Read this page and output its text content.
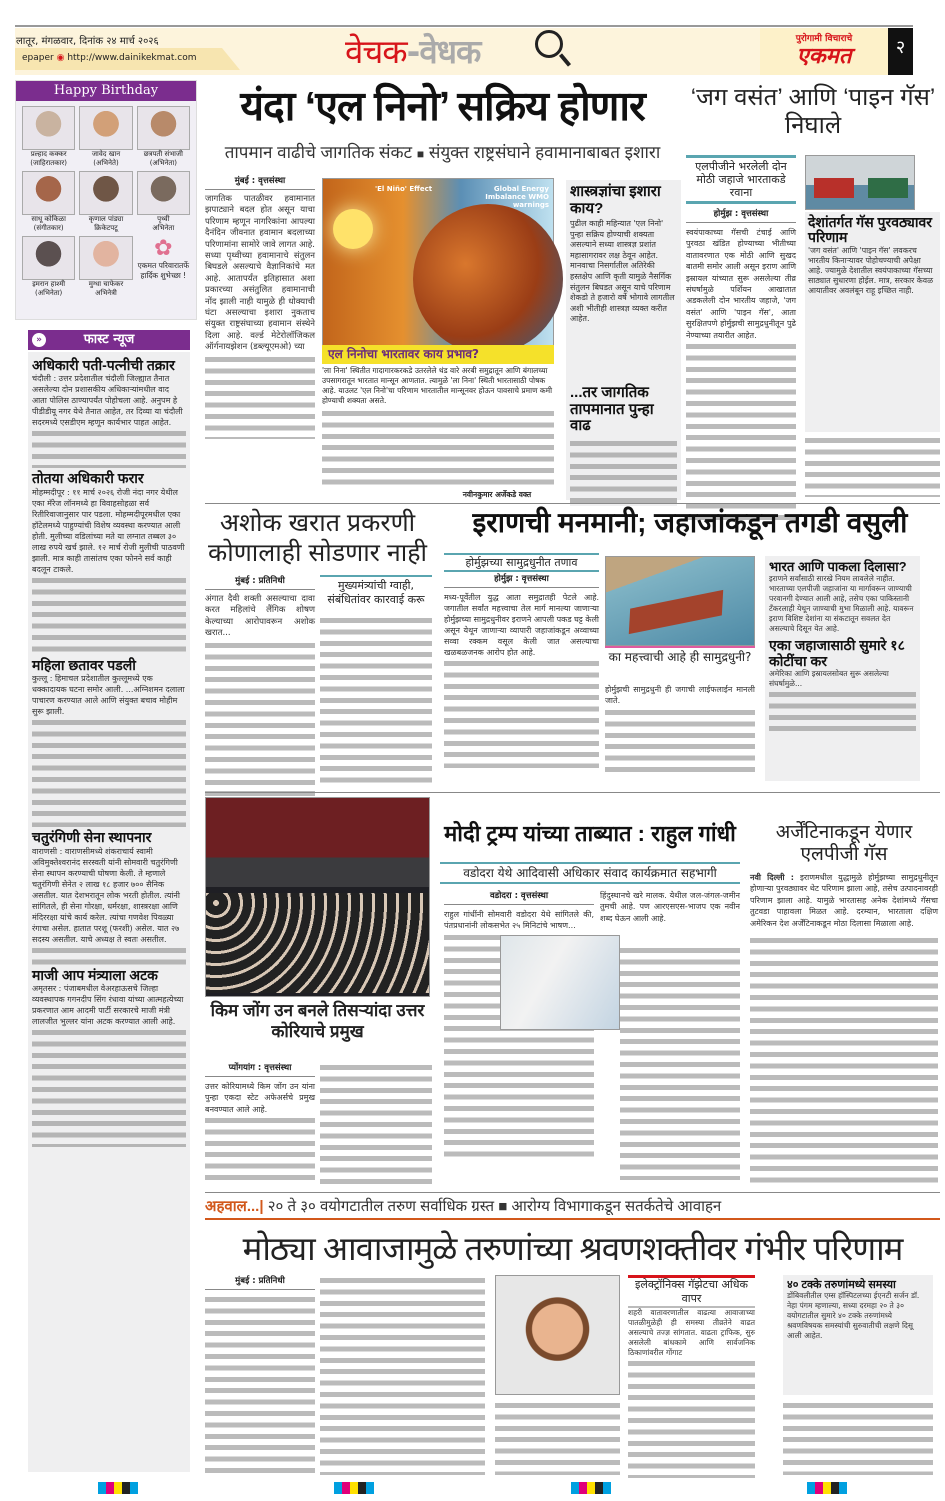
लातूर, मंगळवार, दिनांक २४ मार्च २०२६
epaper ◉ http://www.dainikekmat.com	वेचक-वेधक	पुरोगामी विचाराचे
एकमत	२
Happy Birthday
प्रल्हाद कक्कर
(जाहिरातकार)
जावेद खान
(अभिनेते)
छत्रपती संभाजी
(अभिनेता)
साधू कोकिळा
(संगीतकार)
कृणाल पांड्या
क्रिकेटपटू
पृथ्वी
अभिनेता
इमरान हाश्मी
(अभिनेता)
मुग्धा चाफेकर
अभिनेत्री
✿
एकमत परिवारातर्फे हार्दिक शुभेच्छा !
»	फास्ट न्यूज
अधिकारी पती-पत्नीची तक्रार
चंदौली : उत्तर प्रदेशातील चंदौली जिल्ह्यात तैनात असलेल्या दोन प्रशासकीय अधिकाऱ्यांमधील वाद आता पोलिस ठाण्यापर्यंत पोहोचला आहे. अनुपम हे पीडीडीयू नगर येथे तैनात आहेत, तर दिव्या या चंदौली सदरमध्ये एसडीएम म्हणून कार्यभार पाहत आहेत.
तोतया अधिकारी फरार
मोहम्मदीपूर : ११ मार्च २०२६ रोजी नंदा नगर येथील एका मॅरेज लॉनमध्ये हा विवाहसोहळा सर्व रितीरिवाजानुसार पार पडला. मोहम्मदीपूरमधील एका हॉटेलमध्ये पाहुण्यांची विशेष व्यवस्था करण्यात आली होती. मुलीच्या वडिलांच्या मते या लग्नात तब्बल ३० लाख रुपये खर्च झाले. १२ मार्च रोजी मुलीची पाठवणी झाली. मात्र काही तासांतच एका फोनने सर्व काही बदलून टाकले.
महिला छतावर पडली
कुल्लू : हिमाचल प्रदेशातील कुल्लूमध्ये एक धक्कादायक घटना समोर आली. ...अग्निशमन दलाला पाचारण करण्यात आले आणि संयुक्त बचाव मोहीम सुरू झाली.
चतुरंगिणी सेना स्थापनार
वाराणसी : वाराणसीमध्ये शंकराचार्य स्वामी अविमुक्तेश्वरानंद सरस्वती यांनी सोमवारी चतुरंगिणी सेना स्थापन करण्याची घोषणा केली. ते म्हणाले चतुरंगिणी सेनेत २ लाख १८ हजार ७०० सैनिक असतील. यात देशभरातून लोक भरती होतील. त्यांनी सांगितले, ही सेना गोरक्षा, धर्मरक्षा, शास्त्ररक्षा आणि मंदिररक्षा यांचे कार्य करेल. त्यांचा गणवेश पिवळ्या रंगाचा असेल. हातात परशू (फरशी) असेल. यात २७ सदस्य असतील. याचे अध्यक्ष ते स्वतः असतील.
माजी आप मंत्र्याला अटक
अमृतसर : पंजाबमधील वेअरहाऊसचे जिल्हा व्यवस्थापक गगनदीप सिंग रंधावा यांच्या आत्महत्येच्या प्रकरणात आम आदमी पार्टी सरकारचे माजी मंत्री लालजीत भुल्लर यांना अटक करण्यात आली आहे.
यंदा ‘एल निनो’ सक्रिय होणार
तापमान वाढीचे जागतिक संकट ■ संयुक्त राष्ट्रसंघाने हवामानाबाबत इशारा
मुंबई : वृत्तसंस्था
जागतिक पातळीवर हवामानात झपाट्याने बदल होत असून याचा परिणाम म्हणून नागरिकांना आपल्या दैनंदिन जीवनात हवामान बदलाच्या परिणामांना सामोरे जावे लागत आहे. सध्या पृथ्वीच्या हवामानाचे संतुलन बिघडले असल्याचे वैज्ञानिकांचे मत आहे. आतापर्यंत इतिहासात अशा प्रकारच्या असंतुलित हवामानाची नोंद झाली नाही यामुळे ही धोक्याची घंटा असल्याचा इशारा नुकताच संयुक्त राष्ट्रसंघाच्या हवामान संस्थेने दिला आहे. वर्ल्ड मेटेरोलॉजिकल ऑर्गनायझेशन (डब्ल्यूएमओ) च्या
'El Niño' Effect	Global Energy Imbalance WMO warnings
एल निनोचा भारतावर काय प्रभाव?
'ला निना' स्थितीत गादागारकरकडे उतरलेले थंड वारे अरबी समुद्रातून आणि बंगालच्या उपसागरातून भारतात मान्सून आणतात. त्यामुळे 'ला निना' स्थिती भारतासाठी पोषक आहे. याउलट 'एल निनो'चा परिणाम भारतातील मान्सूनवर होऊन पावसाचे प्रमाण कमी होण्याची शक्यता असते.
नवीनकुमार अर्जेकडे वक्त
शास्त्रज्ञांचा इशारा काय?
पुढील काही महिन्यात 'एल निनो' पुन्हा सक्रिय होण्याची शक्यता असल्याने सध्या शास्त्रज्ञ प्रशांत महासागरावर लक्ष ठेवून आहेत. मानवाचा निसर्गातील अतिरेकी हस्तक्षेप आणि कृती यामुळे नैसर्गिक संतुलन बिघडत असून याचे परिणाम शेकडो ते हजारो वर्षे भोगावे लागतील अशी भीतीही शास्त्रज्ञ व्यक्त करीत आहेत.
...तर जागतिक तापमानात पुन्हा वाढ
‘जग वसंत’ आणि ‘पाइन गॅस’ निघाले
एलपीजीने भरलेली दोन मोठी जहाजे भारताकडे रवाना
होर्मुझ : वृत्तसंस्था
स्वयंपाकाच्या गॅसची टंचाई आणि पुरवठा खंडित होण्याच्या भीतीच्या वातावरणात एक मोठी आणि सुखद बातमी समोर आली असून इराण आणि इस्रायल यांच्यात सुरू असलेल्या तीव्र संघर्षामुळे पर्शियन आखातात अडकलेली दोन भारतीय जहाजे, 'जग वसंत' आणि 'पाइन गॅस', आता सुरक्षितपणे होर्मुझची सामुद्रधुनीतून पुढे नेण्याच्या तयारीत आहेत.
देशांतर्गत गॅस पुरवठ्यावर परिणाम
'जग वसंत' आणि 'पाइन गॅस' लवकरच भारतीय किनाऱ्यावर पोहोचण्याची अपेक्षा आहे. ज्यामुळे देशातील स्वयंपाकाच्या गॅसच्या साठ्यात सुधारणा होईल. मात्र, सरकार केवळ आयातीवर अवलंबून राहू इच्छित नाही.
अशोक खरात प्रकरणी कोणालाही सोडणार नाही
मुंबई : प्रतिनिधी
अंगात दैवी शक्ती असल्याचा दावा करत महिलांचे लैंगिक शोषण केल्याच्या आरोपावरून अशोक खरात...
मुख्यमंत्र्यांची ग्वाही, संबंधितांवर कारवाई करू
इराणची मनमानी; जहाजांकडून तगडी वसुली
होर्मुझच्या सामुद्रधुनीत तणाव
होर्मुझ : वृत्तसंस्था
मध्य-पूर्वेतील युद्ध आता समुद्रातही पेटले आहे. जगातील सर्वांत महत्त्वाचा तेल मार्ग मानल्या जाणाऱ्या होर्मुझच्या सामुद्रधुनीवर इराणने आपली पकड घट्ट केली असून येथून जाणाऱ्या व्यापारी जहाजांकडून अव्वाच्या सव्वा रक्कम वसूल केली जात असल्याचा खळबळजनक आरोप होत आहे.	का महत्त्वाची आहे ही सामुद्रधुनी?
होर्मुझची सामुद्रधुनी ही जगाची लाईफलाईन मानली जाते.
भारत आणि पाकला दिलासा?
इराणने सर्वांसाठी सारखे नियम लावलेले नाहीत. भारताच्या एलपीजी जहाजांना या मार्गावरून जाण्याची परवानगी देण्यात आली आहे, तसेच एका पाकिस्तानी टँकरलाही येथून जाण्याची मुभा मिळाली आहे. यावरून इराण विशिष्ट देशांना या संकटातून सवलत देत असल्याचे दिसून येत आहे.
एका जहाजासाठी सुमारे १८ कोटींचा कर
अमेरिका आणि इस्रायलसोबत सुरू असलेल्या संघर्षामुळे...
किम जोंग उन बनले तिसऱ्यांदा उत्तर कोरियाचे प्रमुख
प्योंगयांग : वृत्तसंस्था
उत्तर कोरियामध्ये किम जोंग उन यांना पुन्हा एकदा स्टेट अफेअर्सचे प्रमुख बनवण्यात आले आहे.
मोदी ट्रम्प यांच्या ताब्यात : राहुल गांधी
वडोदरा येथे आदिवासी अधिकार संवाद कार्यक्रमात सहभागी
वडोदरा : वृत्तसंस्था
राहुल गांधींनी सोमवारी वडोदरा येथे सांगितले की, पंतप्रधानांनी लोकसभेत २५ मिनिटांचे भाषण...
हिंदुस्थानचे खरे मालक. येथील जल-जंगल-जमीन तुमची आहे. पण आरएसएस-भाजप एक नवीन शब्द घेऊन आली आहे.
अर्जेंटिनाकडून येणार एलपीजी गॅस
नवी दिल्ली : इराणमधील युद्धामुळे होर्मुझच्या सामुद्रधुनीतून होणाऱ्या पुरवठ्यावर थेट परिणाम झाला आहे, तसेच उत्पादनावरही परिणाम झाला आहे. यामुळे भारतासह अनेक देशांमध्ये गॅसचा तुटवडा पाहावला मिळत आहे. दरम्यान, भारताला दक्षिण अमेरिकन देश अर्जेंटिनाकडून मोठा दिलासा मिळाला आहे.
अहवाल...| २० ते ३० वयोगटातील तरुण सर्वाधिक ग्रस्त ■ आरोग्य विभागाकडून सतर्कतेचे आवाहन
मोठ्या आवाजामुळे तरुणांच्या श्रवणशक्तीवर गंभीर परिणाम
मुंबई : प्रतिनिधी	इलेक्ट्रॉनिक्स गॅझेटचा अधिक वापर
शहरी वातावरणातील वाढत्या आवाजाच्या पातळीमुळेही ही समस्या तीव्रतेने वाढत असल्याचे तज्ज्ञ सांगतात. वाढता ट्राफिक, सुरु असलेली बांधकामे आणि सार्वजनिक ठिकाणांवरील गोंगाट
४० टक्के तरुणांमध्ये समस्या
डोंबिवलीतील एम्स हॉस्पिटलच्या ईएनटी सर्जन डॉ. नेहा पंगम म्हणाल्या, सध्या दरमहा २० ते ३० वयोगटातील सुमारे ४० टक्के तरुणांमध्ये श्रवणविषयक समस्यांची सुरुवातीची लक्षणे दिसू आली आहेत.
